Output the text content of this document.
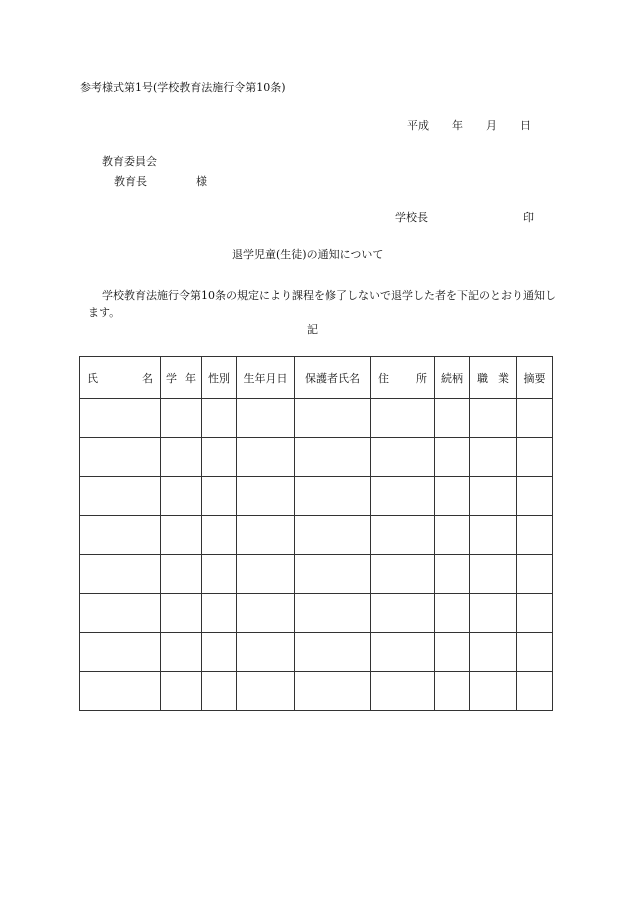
参考様式第1号(学校教育法施行令第10条)
平成 年 月 日
教育委員会
教育長	様
学校長	印
退学児童(生徒)の通知について
学校教育法施行令第10条の規定により課程を修了しないで退学した者を下記のとおり通知します。
記
氏 名	学 年	性別	生年月日	保護者氏名	住 所	続柄	職 業	摘要
